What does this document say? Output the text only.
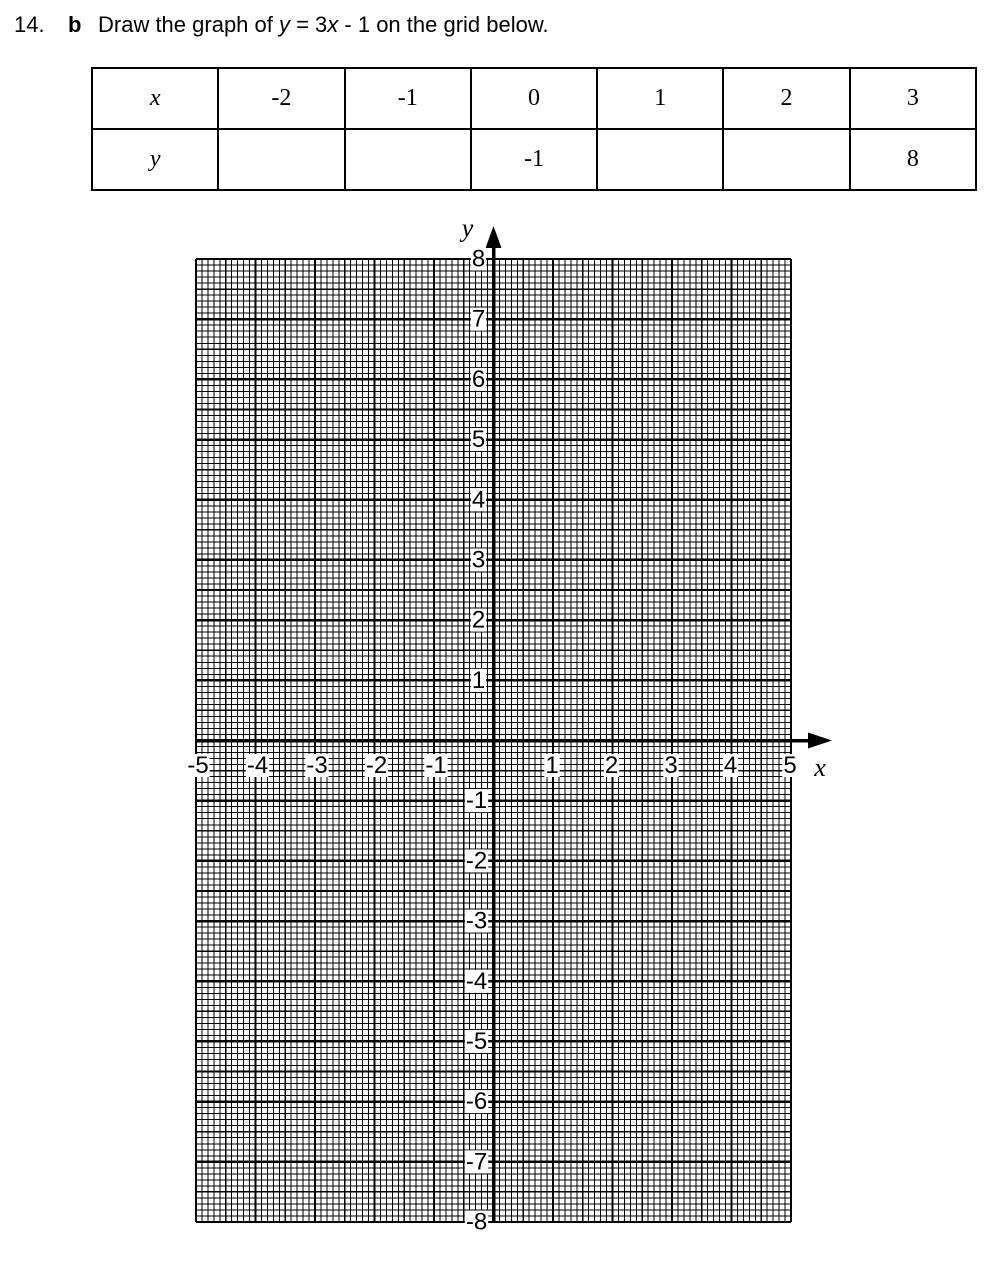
14. b Draw the graph of y = 3x - 1 on the grid below.
x	-2	-1	0	1	2	3
y			-1			8
-5 -4 -3 -2 -1	1 2 3 4 5
8
7
6
5
4
3
2
1
-1
-2
-3
-4
-5
-6
-7
-8
y
x
